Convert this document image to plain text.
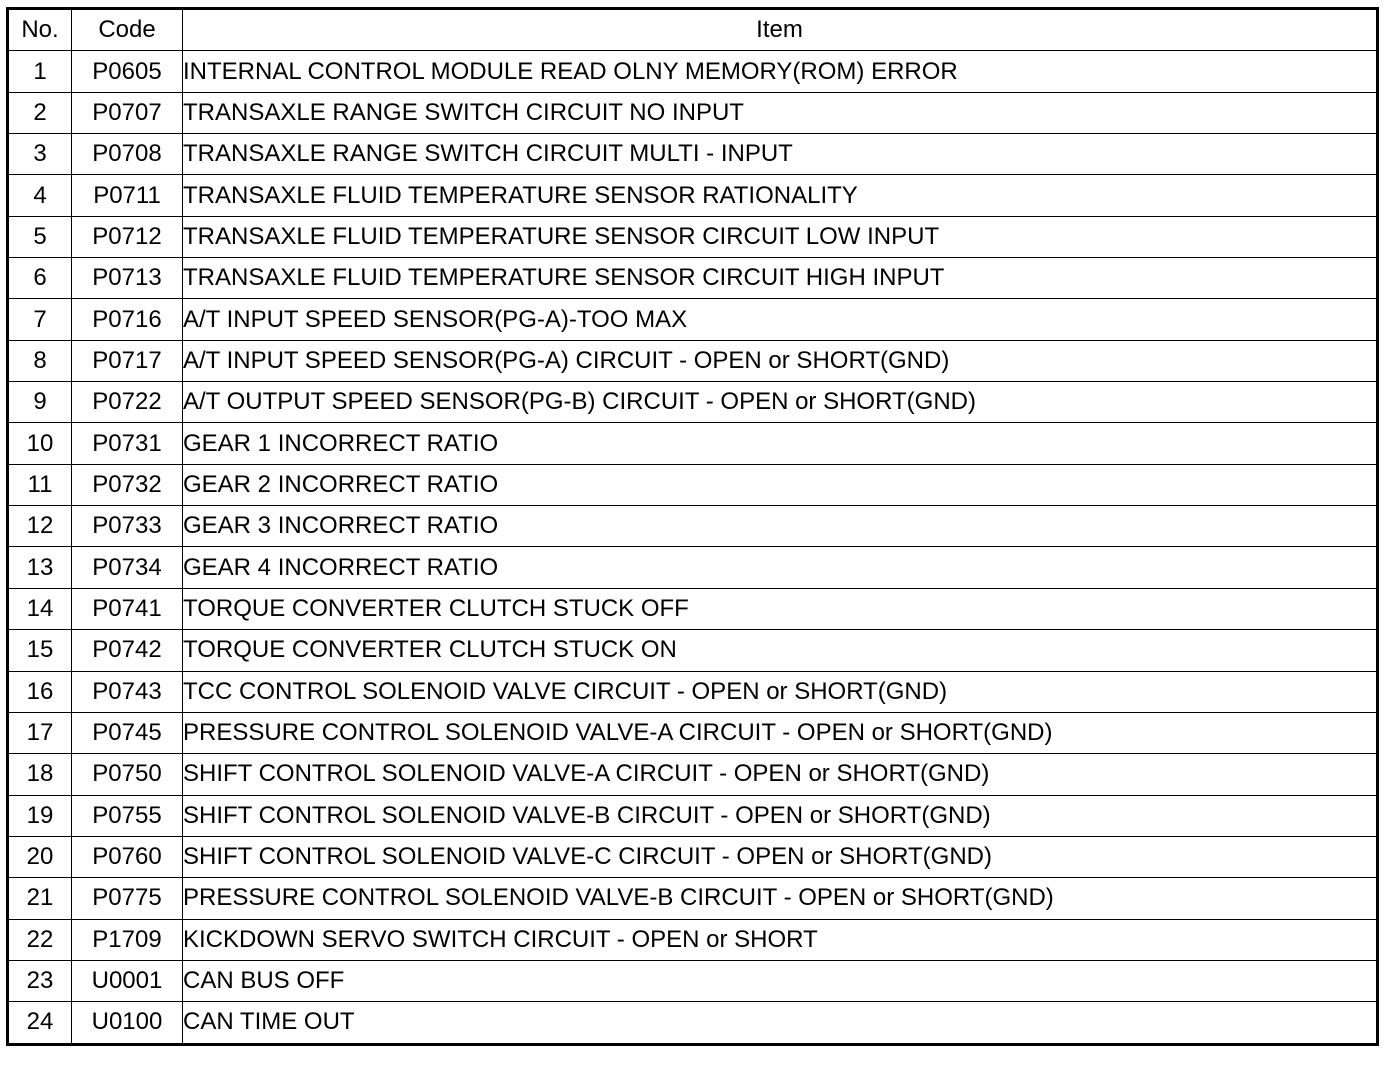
No.	Code	Item
1	P0605	INTERNAL CONTROL MODULE READ OLNY MEMORY(ROM) ERROR
2	P0707	TRANSAXLE RANGE SWITCH CIRCUIT NO INPUT
3	P0708	TRANSAXLE RANGE SWITCH CIRCUIT MULTI - INPUT
4	P0711	TRANSAXLE FLUID TEMPERATURE SENSOR RATIONALITY
5	P0712	TRANSAXLE FLUID TEMPERATURE SENSOR CIRCUIT LOW INPUT
6	P0713	TRANSAXLE FLUID TEMPERATURE SENSOR CIRCUIT HIGH INPUT
7	P0716	A/T INPUT SPEED SENSOR(PG-A)-TOO MAX
8	P0717	A/T INPUT SPEED SENSOR(PG-A) CIRCUIT - OPEN or SHORT(GND)
9	P0722	A/T OUTPUT SPEED SENSOR(PG-B) CIRCUIT - OPEN or SHORT(GND)
10	P0731	GEAR 1 INCORRECT RATIO
11	P0732	GEAR 2 INCORRECT RATIO
12	P0733	GEAR 3 INCORRECT RATIO
13	P0734	GEAR 4 INCORRECT RATIO
14	P0741	TORQUE CONVERTER CLUTCH STUCK OFF
15	P0742	TORQUE CONVERTER CLUTCH STUCK ON
16	P0743	TCC CONTROL SOLENOID VALVE CIRCUIT - OPEN or SHORT(GND)
17	P0745	PRESSURE CONTROL SOLENOID VALVE-A CIRCUIT - OPEN or SHORT(GND)
18	P0750	SHIFT CONTROL SOLENOID VALVE-A CIRCUIT - OPEN or SHORT(GND)
19	P0755	SHIFT CONTROL SOLENOID VALVE-B CIRCUIT - OPEN or SHORT(GND)
20	P0760	SHIFT CONTROL SOLENOID VALVE-C CIRCUIT - OPEN or SHORT(GND)
21	P0775	PRESSURE CONTROL SOLENOID VALVE-B CIRCUIT - OPEN or SHORT(GND)
22	P1709	KICKDOWN SERVO SWITCH CIRCUIT - OPEN or SHORT
23	U0001	CAN BUS OFF
24	U0100	CAN TIME OUT
